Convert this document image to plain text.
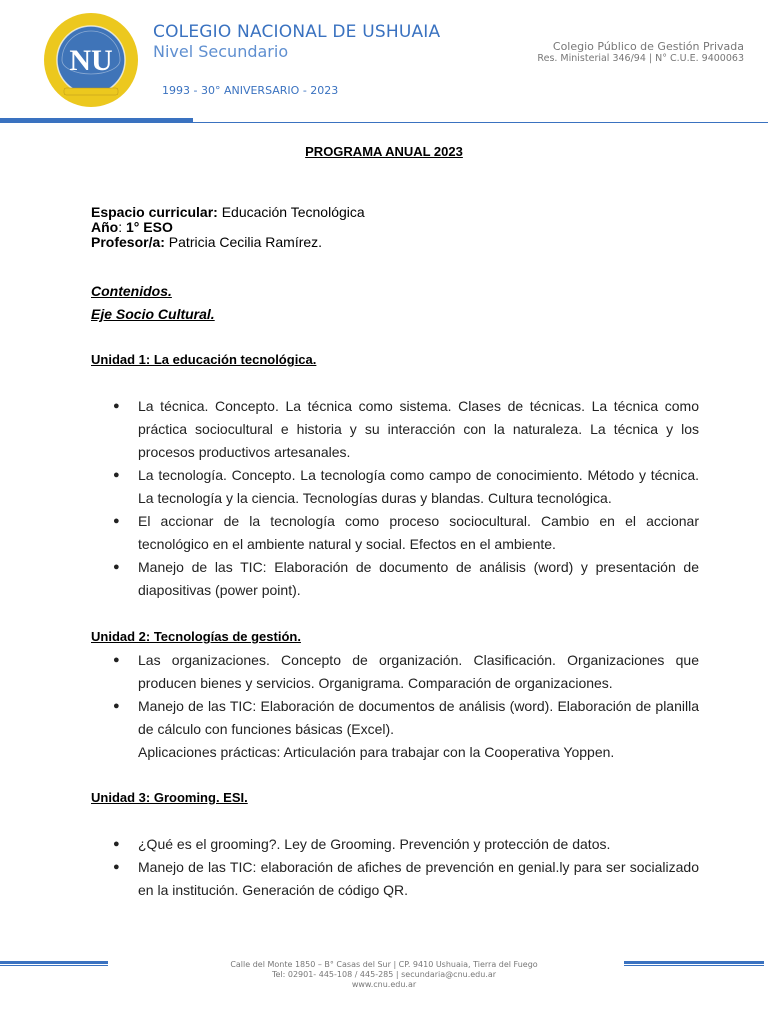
NU
COLEGIO NACIONAL DE USHUAIA
Nivel Secundario
1993 - 30° ANIVERSARIO - 2023
Colegio Público de Gestión Privada
Res. Ministerial 346/94 | N° C.U.E. 9400063
PROGRAMA ANUAL 2023
Espacio curricular: Educación Tecnológica
Año: 1° ESO
Profesor/a: Patricia Cecilia Ramírez.
Contenidos.
Eje Socio Cultural.
Unidad 1: La educación tecnológica.
● La técnica. Concepto. La técnica como sistema. Clases de técnicas. La técnica como práctica sociocultural e historia y su interacción con la naturaleza. La técnica y los procesos productivos artesanales.
● La tecnología. Concepto. La tecnología como campo de conocimiento. Método y técnica. La tecnología y la ciencia. Tecnologías duras y blandas. Cultura tecnológica.
● El accionar de la tecnología como proceso sociocultural. Cambio en el accionar tecnológico en el ambiente natural y social. Efectos en el ambiente.
● Manejo de las TIC: Elaboración de documento de análisis (word) y presentación de diapositivas (power point).
Unidad 2: Tecnologías de gestión.
● Las organizaciones. Concepto de organización. Clasificación. Organizaciones que producen bienes y servicios. Organigrama. Comparación de organizaciones.
● Manejo de las TIC: Elaboración de documentos de análisis (word). Elaboración de planilla de cálculo con funciones básicas (Excel).
Aplicaciones prácticas: Articulación para trabajar con la Cooperativa Yoppen.
Unidad 3: Grooming. ESI.
● ¿Qué es el grooming?. Ley de Grooming. Prevención y protección de datos.
● Manejo de las TIC: elaboración de afiches de prevención en genial.ly para ser socializado en la institución. Generación de código QR.
Calle del Monte 1850 – B° Casas del Sur | CP. 9410 Ushuaia, Tierra del Fuego
Tel: 02901- 445-108 / 445-285 | secundaria@cnu.edu.ar
www.cnu.edu.ar
